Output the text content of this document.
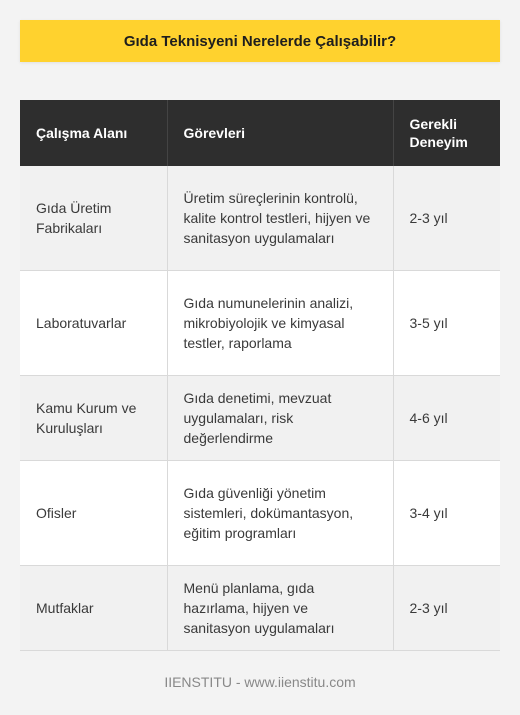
Gıda Teknisyeni Nerelerde Çalışabilir?
Çalışma Alanı	Görevleri	Gerekli Deneyim
Gıda Üretim Fabrikaları	Üretim süreçlerinin kontrolü, kalite kontrol testleri, hijyen ve sanitasyon uygulamaları	2-3 yıl
Laboratuvarlar	Gıda numunelerinin analizi, mikrobiyolojik ve kimyasal testler, raporlama	3-5 yıl
Kamu Kurum ve Kuruluşları	Gıda denetimi, mevzuat uygulamaları, risk değerlendirme	4-6 yıl
Ofisler	Gıda güvenliği yönetim sistemleri, dokümantasyon, eğitim programları	3-4 yıl
Mutfaklar	Menü planlama, gıda hazırlama, hijyen ve sanitasyon uygulamaları	2-3 yıl
IIENSTITU - www.iienstitu.com
